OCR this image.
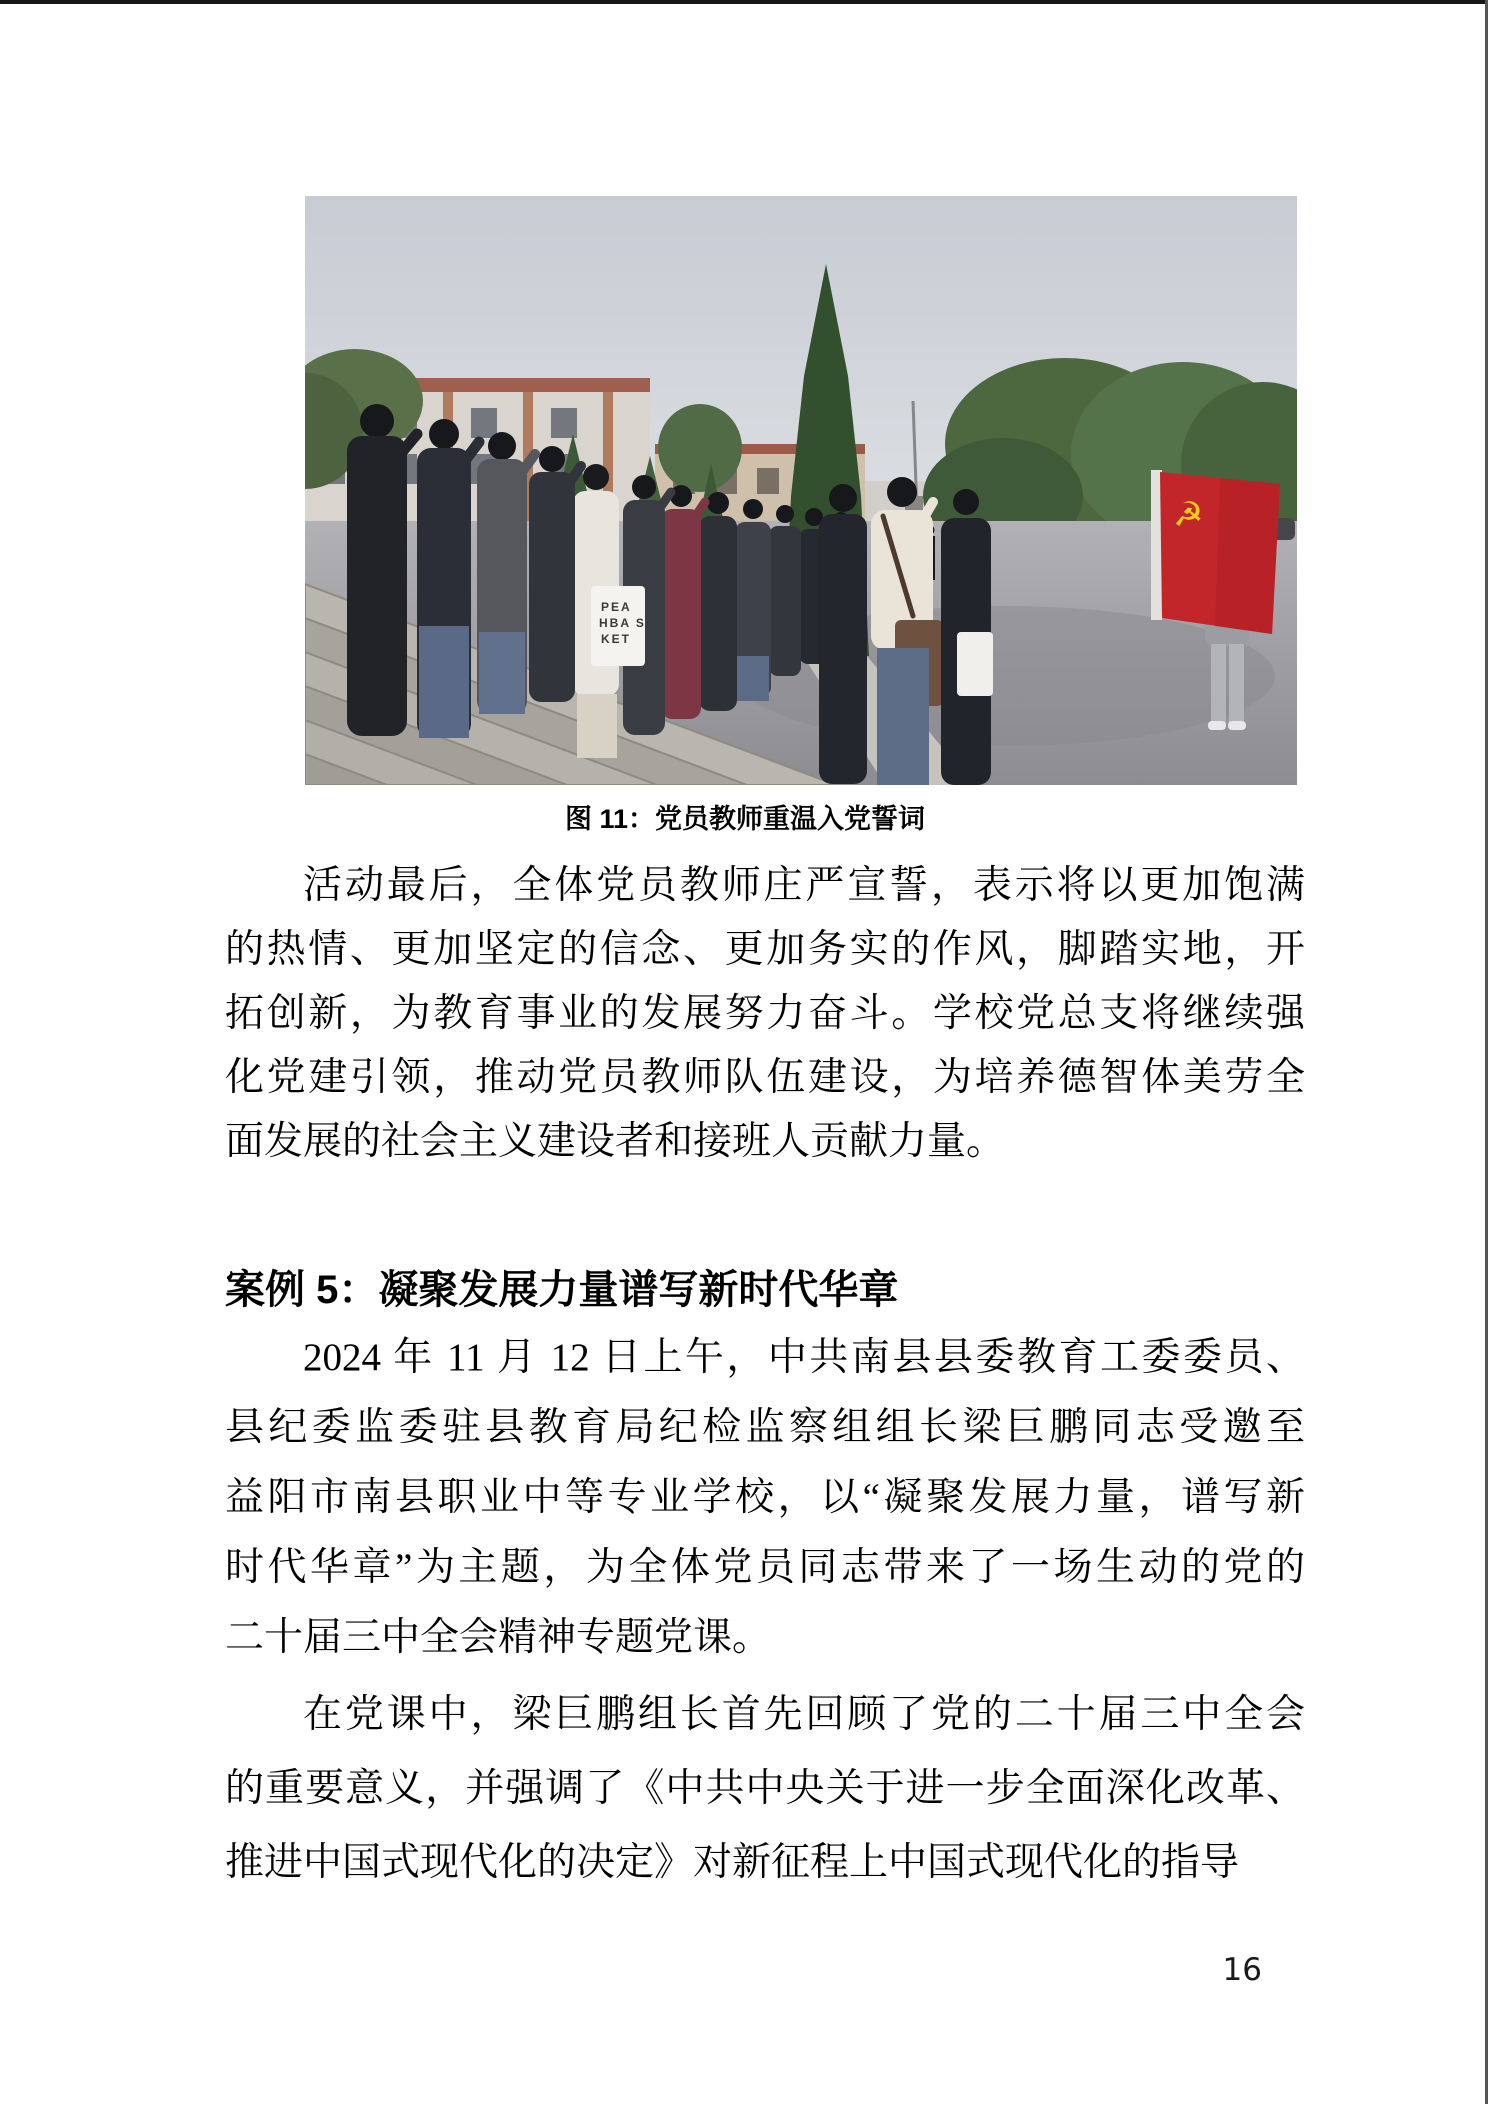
PEA
HBA S
KET
☭
图 11：党员教师重温入党誓词
活动最后，全体党员教师庄严宣誓，表示将以更加饱满
的热情、更加坚定的信念、更加务实的作风，脚踏实地，开
拓创新，为教育事业的发展努力奋斗。学校党总支将继续强
化党建引领，推动党员教师队伍建设，为培养德智体美劳全
面发展的社会主义建设者和接班人贡献力量。
案例 5：凝聚发展力量谱写新时代华章
2024 年 11 月 12 日上午，中共南县县委教育工委委员、
县纪委监委驻县教育局纪检监察组组长梁巨鹏同志受邀至
益阳市南县职业中等专业学校，以“凝聚发展力量，谱写新
时代华章”为主题，为全体党员同志带来了一场生动的党的
二十届三中全会精神专题党课。
在党课中，梁巨鹏组长首先回顾了党的二十届三中全会
的重要意义，并强调了《中共中央关于进一步全面深化改革、
推进中国式现代化的决定》对新征程上中国式现代化的指导
16
